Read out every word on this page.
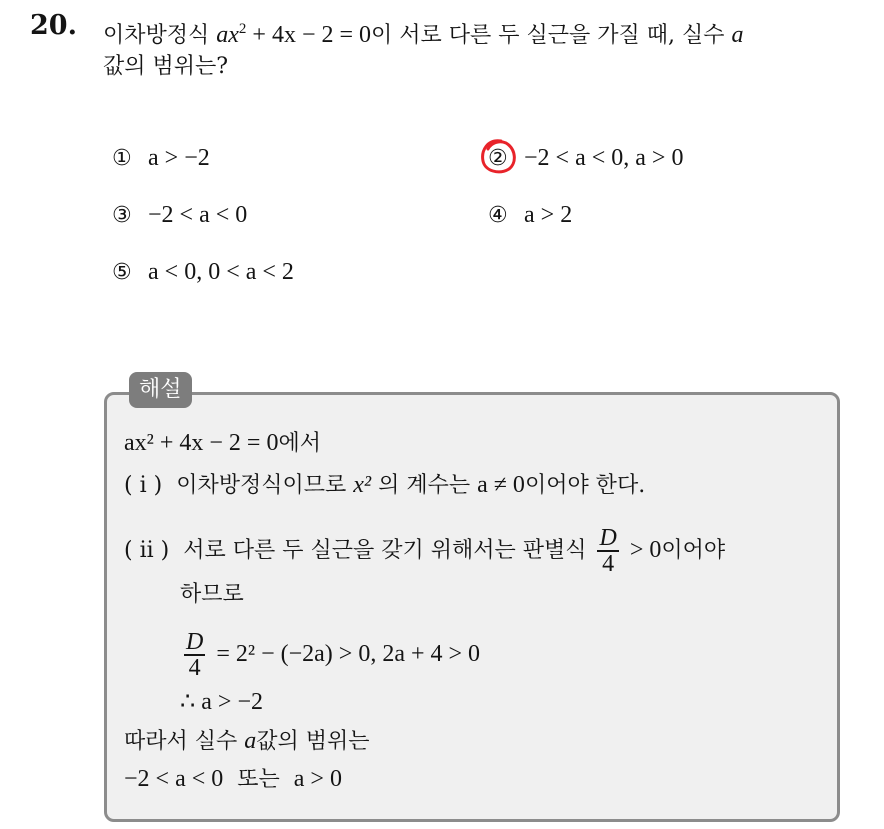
20. 이차방정식 $ax^2 + 4x - 2 = 0$이 서로 다른 두 실근을 가질 때, 실수 a
값의 범위는?
① a > −2	② −2 < a < 0, a > 0
③ −2 < a < 0	④ a > 2
⑤ a < 0, 0 < a < 2
해설
ax² + 4x − 2 = 0에서
( i ) 이차방정식이므로 x² 의 계수는 a ≠ 0이어야 한다.
( ii ) 서로 다른 두 실근을 갖기 위해서는 판별식 $\frac{D}{4} > 0$이어야
하므로
$\frac{D}{4} = 2^2 - (-2a) > 0$, 2a + 4 > 0
∴ a > −2
따라서 실수 a값의 범위는
−2 < a < 0 또는 a > 0
